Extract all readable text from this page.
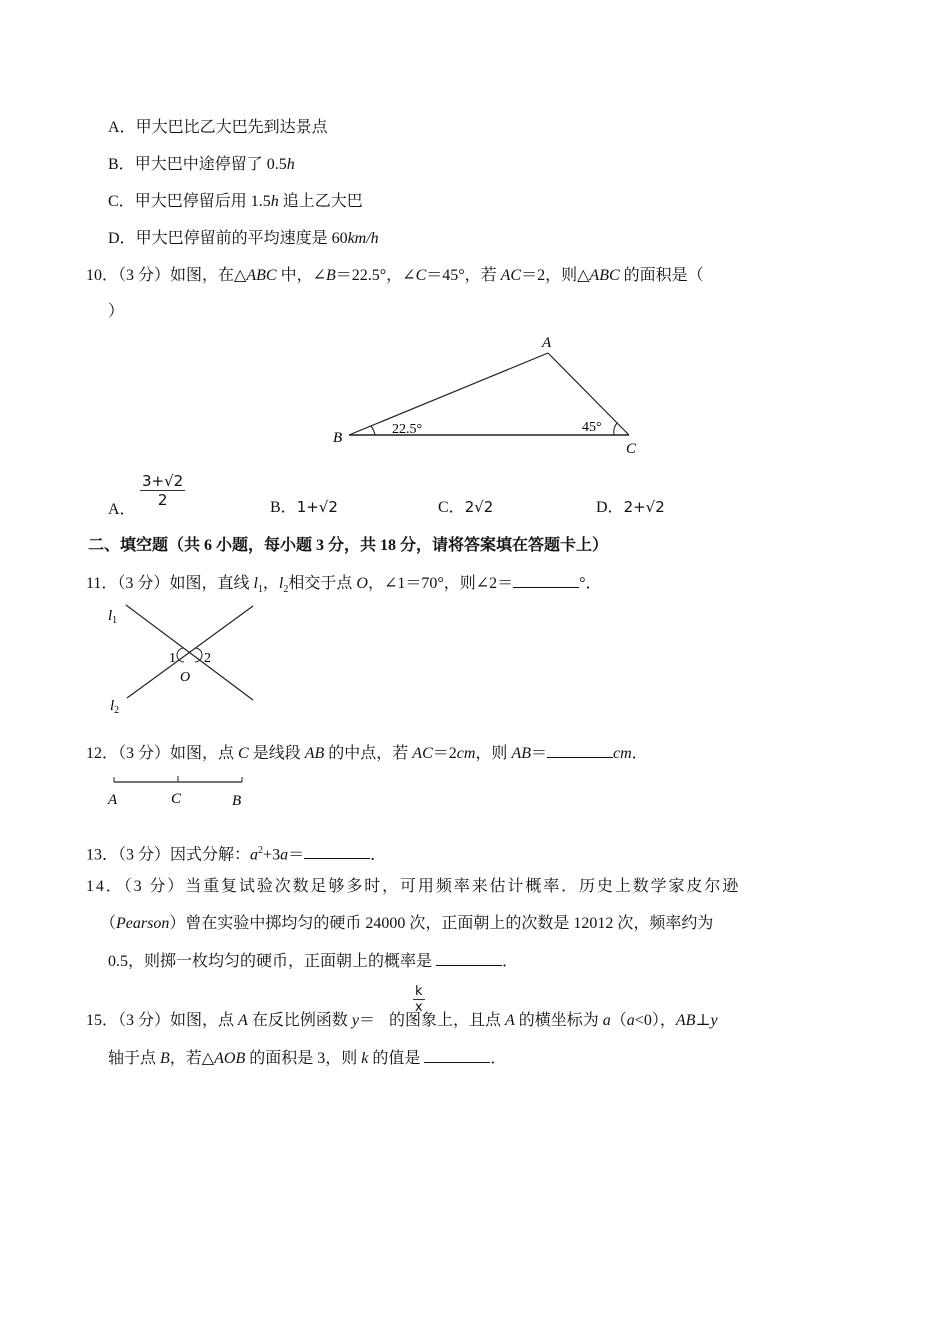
A．甲大巴比乙大巴先到达景点
B．甲大巴中途停留了 0.5h
C．甲大巴停留后用 1.5h 追上乙大巴
D．甲大巴停留前的平均速度是 60km/h
10．（3 分）如图，在△ABC 中，∠B＝22.5°，∠C＝45°，若 AC＝2，则△ABC 的面积是（
）
A
B
C
22.5°	45°
A．
$\frac{3+√2}{2}$	B．1+√2	C．2√2	D．2+√2
二、填空题（共 6 小题，每小题 3 分，共 18 分，请将答案填在答题卡上）
11．（3 分）如图，直线 $l_1$，$l_2$相交于点 O，∠1＝70°，则∠2＝	°．
$l_1$
$l_2$
1 2
O
12．（3 分）如图，点 C 是线段 AB 的中点，若 AC＝2cm，则 AB＝	cm．
A	C	B
13．（3 分）因式分解：$a^2+3a=$	．
14．（3 分）当重复试验次数足够多时，可用频率来估计概率．历史上数学家皮尔逊
（Pearson）曾在实验中掷均匀的硬币 24000 次，正面朝上的次数是 12012 次，频率约为
0.5，则掷一枚均匀的硬币，正面朝上的概率是	．
$\frac{k}{x}$
15．（3 分）如图，点 A 在反比例函数 y＝ 的图象上，且点 A 的横坐标为 a（a<0），AB⊥y
轴于点 B，若△AOB 的面积是 3，则 k 的值是	．
